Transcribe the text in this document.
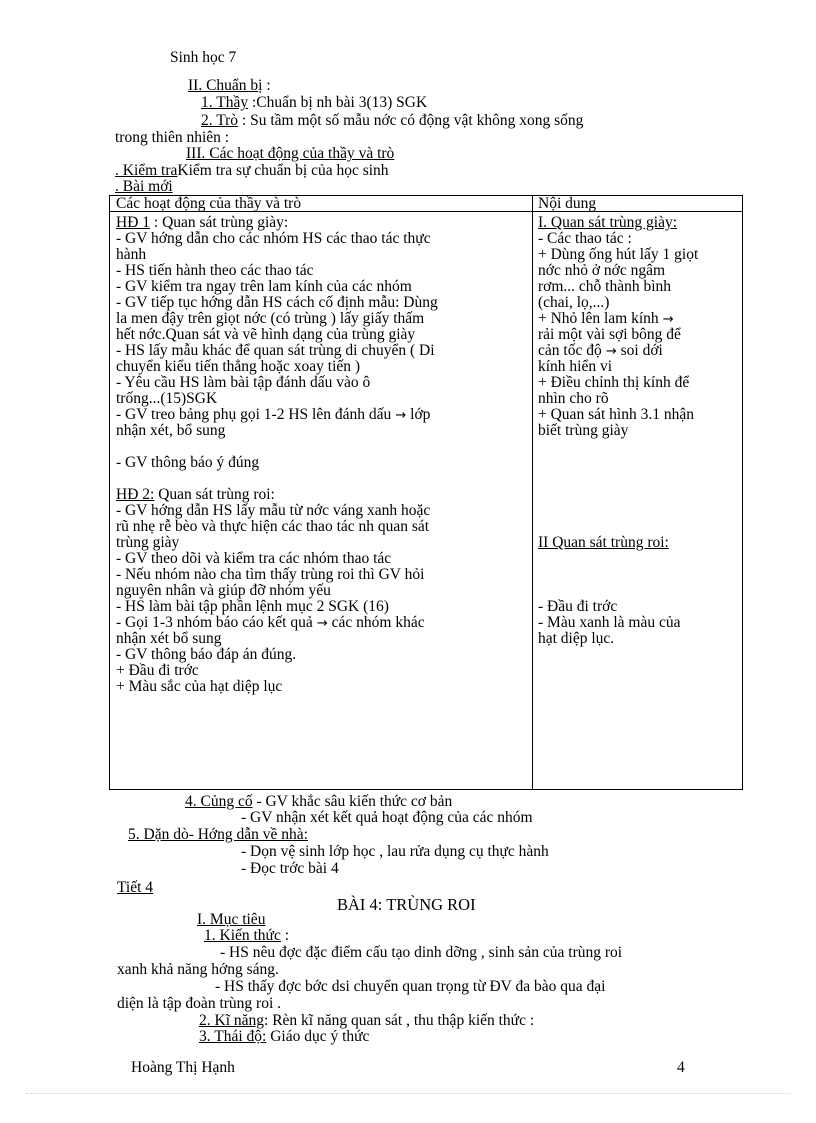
Sinh học 7
II. Chuẩn bị :
1. Thầy :Chuẩn bị nh bài 3(13) SGK
2. Trò : Su tầm một số mẫu nớc có động vật không xong sống
trong thiên nhiên :
III. Các hoạt động của thầy và trò
. Kiểm traKiểm tra sự chuẩn bị của học sinh
. Bài mới
Các hoạt động của thầy và trò	Nội dung
HĐ 1 : Quan sát trùng giày:
- GV hớng dẫn cho các nhóm HS các thao tác thực
hành
- HS tiến hành theo các thao tác
- GV kiểm tra ngay trên lam kính của các nhóm
- GV tiếp tục hớng dẫn HS cách cố định mẫu: Dùng
la men đậy trên giọt nớc (có trùng ) lấy giấy thấm
hết nớc.Quan sát và vẽ hình dạng của trùng giày
- HS lấy mẫu khác để quan sát trùng di chuyển ( Di
chuyển kiểu tiến thẳng hoặc xoay tiến )
- Yêu cầu HS làm bài tập đánh dấu vào ô
trống...(15)SGK
- GV treo bảng phụ gọi 1-2 HS lên đánh dấu → lớp
nhận xét, bổ sung
- GV thông báo ý đúng
HĐ 2: Quan sát trùng roi:
- GV hớng dẫn HS lấy mẫu từ nớc váng xanh hoặc
rũ nhẹ rễ bèo và thực hiện các thao tác nh quan sát
trùng giày
- GV theo dõi và kiểm tra các nhóm thao tác
- Nếu nhóm nào cha tìm thấy trùng roi thì GV hỏi
nguyên nhân và giúp đỡ nhóm yếu
- HS làm bài tập phần lệnh mục 2 SGK (16)
- Gọi 1-3 nhóm báo cáo kết quả → các nhóm khác
nhận xét bổ sung
- GV thông báo đáp án đúng.
+ Đầu đi trớc
+ Màu sắc của hạt diệp lục
I. Quan sát trùng giày:
- Các thao tác :
+ Dùng ống hút lấy 1 giọt
nớc nhỏ ở nớc ngâm
rơm... chỗ thành bình
(chai, lọ,...)
+ Nhỏ lên lam kính →
rải một vài sợi bông để
cản tốc độ → soi dới
kính hiển vi
+ Điều chỉnh thị kính để
nhìn cho rõ
+ Quan sát hình 3.1 nhận
biết trùng giày
II Quan sát trùng roi:
- Đầu đi trớc
- Màu xanh là màu của
hạt diệp lục.
4. Củng cố - GV khắc sâu kiến thức cơ bản
- GV nhận xét kết quả hoạt động của các nhóm
5. Dặn dò- Hớng dẫn về nhà:
- Dọn vệ sinh lớp học , lau rửa dụng cụ thực hành
- Đọc trớc bài 4
Tiết 4
BÀI 4: TRÙNG ROI
I. Mục tiêu
1. Kiến thức :
- HS nêu đợc đặc điểm cấu tạo dinh dỡng , sinh sản của trùng roi
xanh khả năng hớng sáng.
- HS thấy đợc bớc dsi chuyển quan trọng từ ĐV đa bào qua đại
diện là tập đoàn trùng roi .
2. Kĩ năng: Rèn kĩ năng quan sát , thu thập kiến thức :
3. Thái độ: Giáo dục ý thức
Hoàng Thị Hạnh	4
